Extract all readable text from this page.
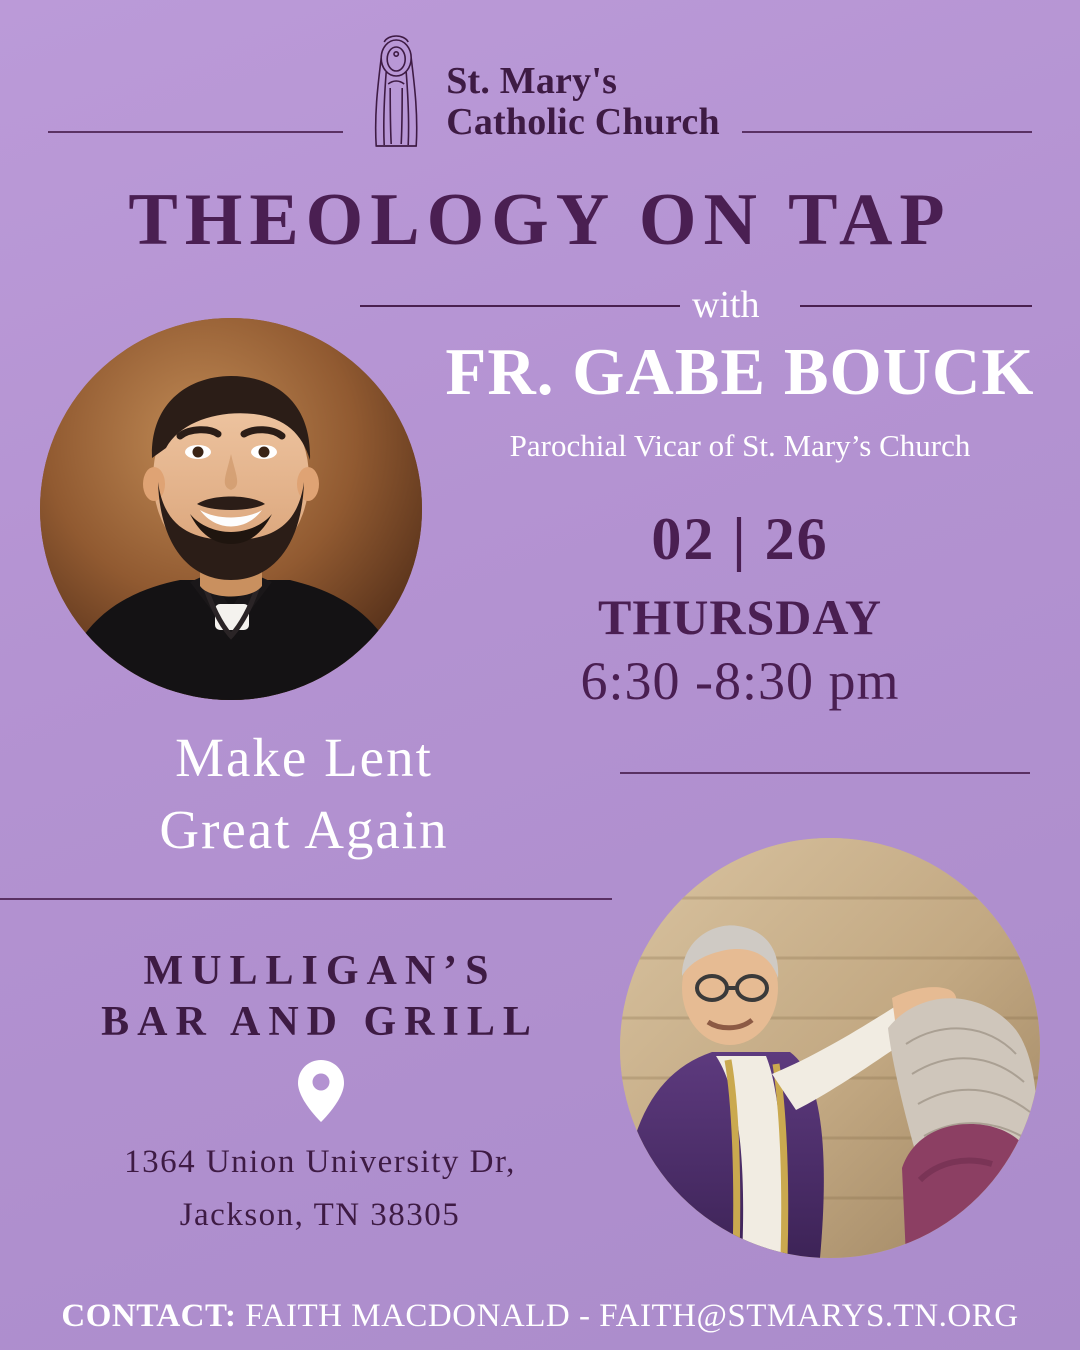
St. Mary's
Catholic Church
THEOLOGY ON TAP
with
FR. GABE BOUCK
Parochial Vicar of St. Mary’s Church
02 | 26
THURSDAY
6:30 -8:30 pm
Make Lent
Great Again
MULLIGAN’S
BAR AND GRILL
1364 Union University Dr,
Jackson, TN 38305
CONTACT: FAITH MACDONALD - FAITH@STMARYS.TN.ORG
